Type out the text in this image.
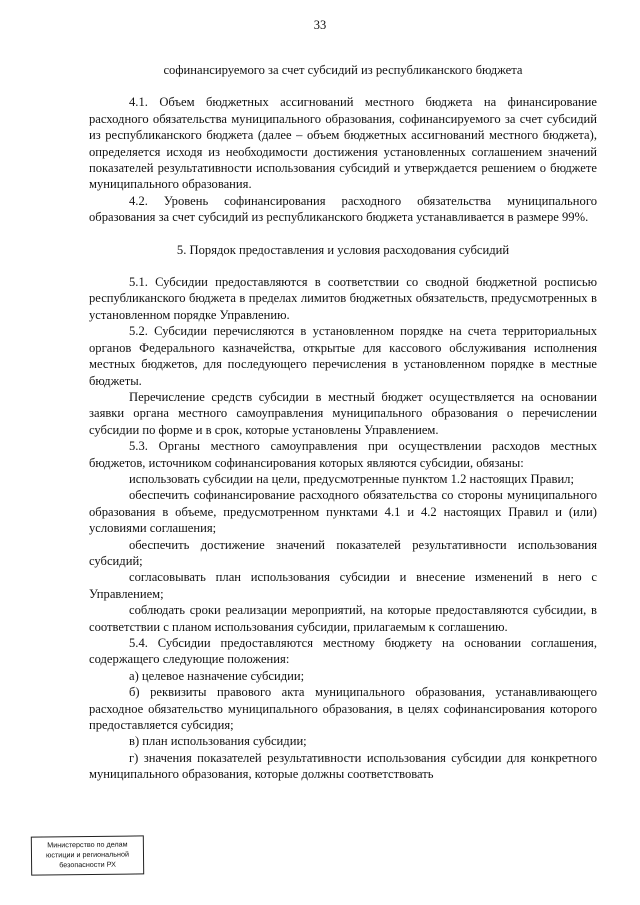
33

софинансируемого за счет субсидий из республиканского бюджета

4.1. Объем бюджетных ассигнований местного бюджета на финансирование расходного обязательства муниципального образования, софинансируемого за счет субсидий из республиканского бюджета (далее – объем бюджетных ассигнований местного бюджета), определяется исходя из необходимости достижения установленных соглашением значений показателей результативности использования субсидий и утверждается решением о бюджете муниципального образования.

4.2. Уровень софинансирования расходного обязательства муниципального образования за счет субсидий из республиканского бюджета устанавливается в размере 99%.

5. Порядок предоставления и условия расходования субсидий

5.1. Субсидии предоставляются в соответствии со сводной бюджетной росписью республиканского бюджета в пределах лимитов бюджетных обязательств, предусмотренных в установленном порядке Управлению.

5.2. Субсидии перечисляются в установленном порядке на счета территориальных органов Федерального казначейства, открытые для кассового обслуживания исполнения местных бюджетов, для последующего перечисления в установленном порядке в местные бюджеты.

Перечисление средств субсидии в местный бюджет осуществляется на основании заявки органа местного самоуправления муниципального образования о перечислении субсидии по форме и в срок, которые установлены Управлением.

5.3. Органы местного самоуправления при осуществлении расходов местных бюджетов, источником софинансирования которых являются субсидии, обязаны:

использовать субсидии на цели, предусмотренные пунктом 1.2 настоящих Правил;

обеспечить софинансирование расходного обязательства со стороны муниципального образования в объеме, предусмотренном пунктами 4.1 и 4.2 настоящих Правил и (или) условиями соглашения;

обеспечить достижение значений показателей результативности использования субсидий;

согласовывать план использования субсидии и внесение изменений в него с Управлением;

соблюдать сроки реализации мероприятий, на которые предоставляются субсидии, в соответствии с планом использования субсидии, прилагаемым к соглашению.

5.4. Субсидии предоставляются местному бюджету на основании соглашения, содержащего следующие положения:

а) целевое назначение субсидии;

б) реквизиты правового акта муниципального образования, устанавливающего расходное обязательство муниципального образования, в целях софинансирования которого предоставляется субсидия;

в) план использования субсидии;

г) значения показателей результативности использования субсидии для конкретного муниципального образования, которые должны соответствовать

Министерство по делам
юстиции и региональной
безопасности РХ
